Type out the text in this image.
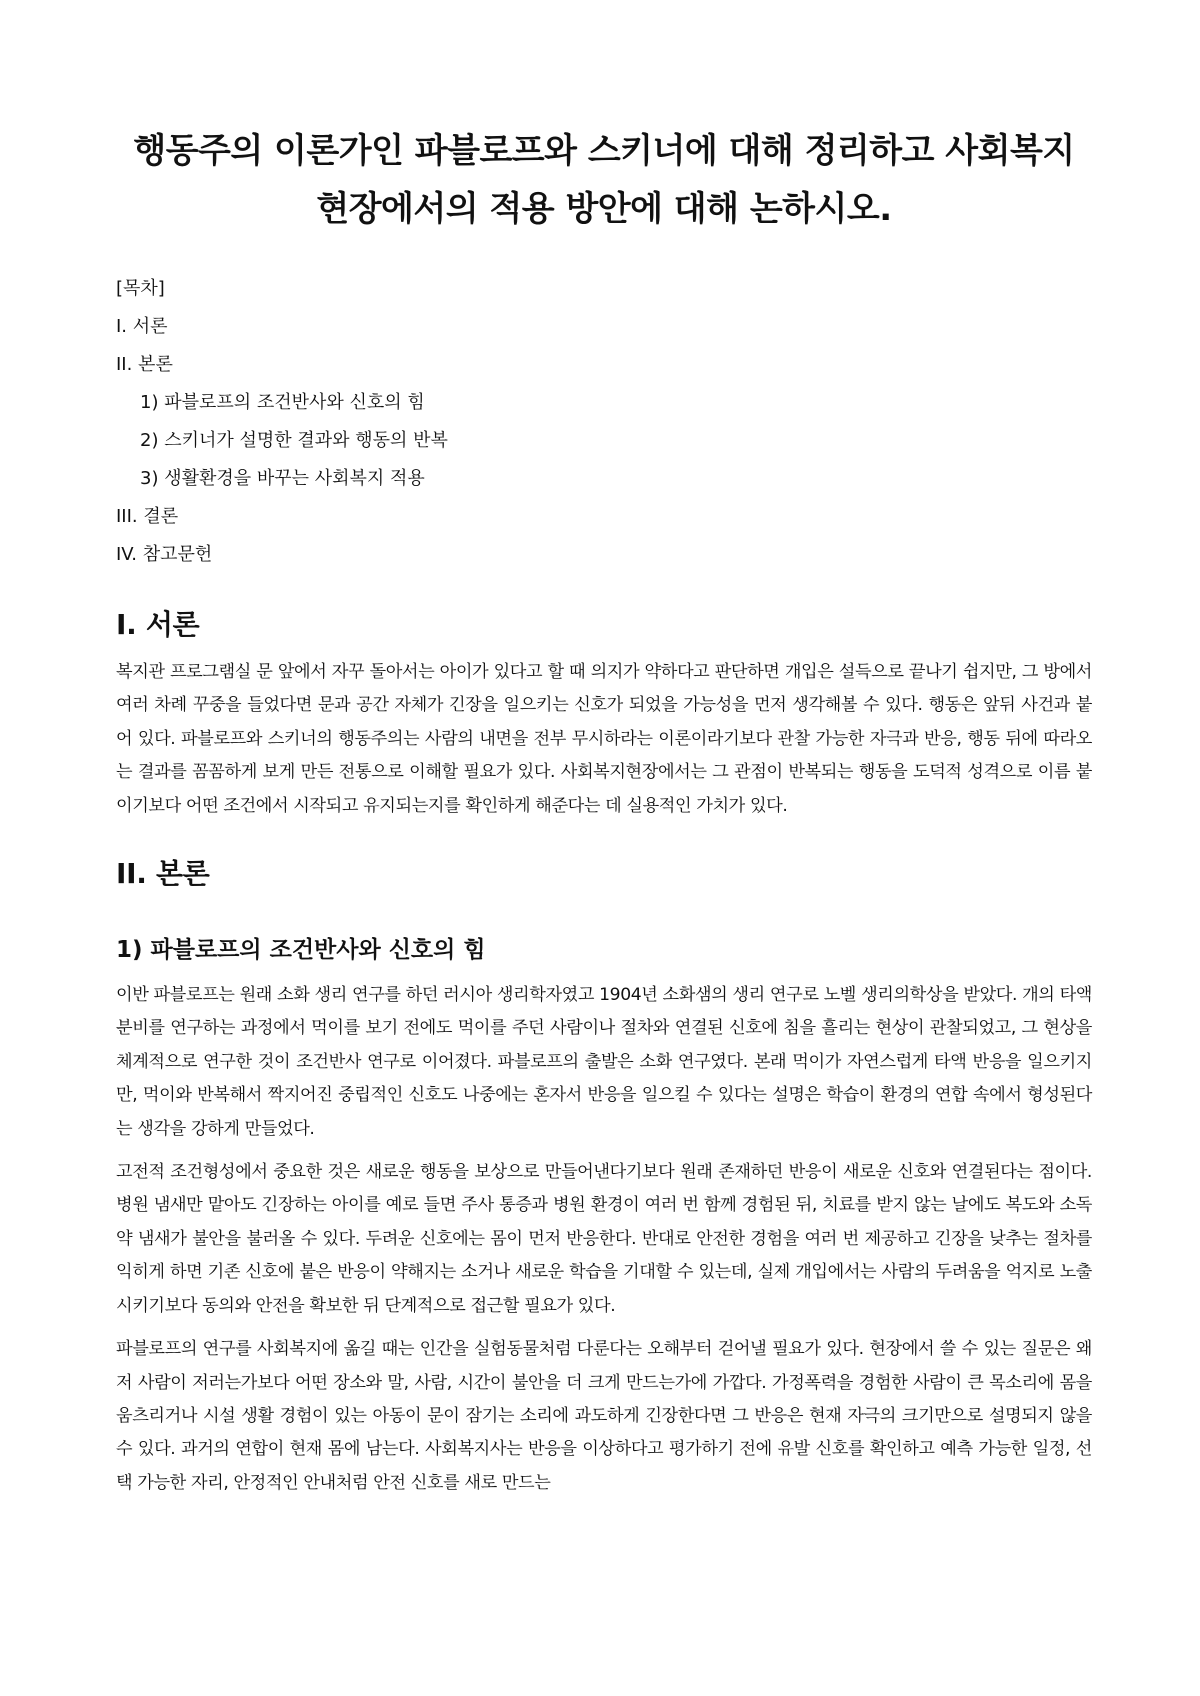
행동주의 이론가인 파블로프와 스키너에 대해 정리하고 사회복지 현장에서의 적용 방안에 대해 논하시오.
[목차]
I. 서론
II. 본론
1) 파블로프의 조건반사와 신호의 힘
2) 스키너가 설명한 결과와 행동의 반복
3) 생활환경을 바꾸는 사회복지 적용
III. 결론
IV. 참고문헌
I. 서론

복지관 프로그램실 문 앞에서 자꾸 돌아서는 아이가 있다고 할 때 의지가 약하다고 판단하면 개입은 설득으로 끝나기 쉽지만, 그 방에서 여러 차례 꾸중을 들었다면 문과 공간 자체가 긴장을 일으키는 신호가 되었을 가능성을 먼저 생각해볼 수 있다. 행동은 앞뒤 사건과 붙어 있다. 파블로프와 스키너의 행동주의는 사람의 내면을 전부 무시하라는 이론이라기보다 관찰 가능한 자극과 반응, 행동 뒤에 따라오는 결과를 꼼꼼하게 보게 만든 전통으로 이해할 필요가 있다. 사회복지현장에서는 그 관점이 반복되는 행동을 도덕적 성격으로 이름 붙이기보다 어떤 조건에서 시작되고 유지되는지를 확인하게 해준다는 데 실용적인 가치가 있다.

II. 본론
1) 파블로프의 조건반사와 신호의 힘

이반 파블로프는 원래 소화 생리 연구를 하던 러시아 생리학자였고 1904년 소화샘의 생리 연구로 노벨 생리의학상을 받았다. 개의 타액 분비를 연구하는 과정에서 먹이를 보기 전에도 먹이를 주던 사람이나 절차와 연결된 신호에 침을 흘리는 현상이 관찰되었고, 그 현상을 체계적으로 연구한 것이 조건반사 연구로 이어졌다. 파블로프의 출발은 소화 연구였다. 본래 먹이가 자연스럽게 타액 반응을 일으키지만, 먹이와 반복해서 짝지어진 중립적인 신호도 나중에는 혼자서 반응을 일으킬 수 있다는 설명은 학습이 환경의 연합 속에서 형성된다는 생각을 강하게 만들었다.

고전적 조건형성에서 중요한 것은 새로운 행동을 보상으로 만들어낸다기보다 원래 존재하던 반응이 새로운 신호와 연결된다는 점이다. 병원 냄새만 맡아도 긴장하는 아이를 예로 들면 주사 통증과 병원 환경이 여러 번 함께 경험된 뒤, 치료를 받지 않는 날에도 복도와 소독약 냄새가 불안을 불러올 수 있다. 두려운 신호에는 몸이 먼저 반응한다. 반대로 안전한 경험을 여러 번 제공하고 긴장을 낮추는 절차를 익히게 하면 기존 신호에 붙은 반응이 약해지는 소거나 새로운 학습을 기대할 수 있는데, 실제 개입에서는 사람의 두려움을 억지로 노출시키기보다 동의와 안전을 확보한 뒤 단계적으로 접근할 필요가 있다.

파블로프의 연구를 사회복지에 옮길 때는 인간을 실험동물처럼 다룬다는 오해부터 걷어낼 필요가 있다. 현장에서 쓸 수 있는 질문은 왜 저 사람이 저러는가보다 어떤 장소와 말, 사람, 시간이 불안을 더 크게 만드는가에 가깝다. 가정폭력을 경험한 사람이 큰 목소리에 몸을 움츠리거나 시설 생활 경험이 있는 아동이 문이 잠기는 소리에 과도하게 긴장한다면 그 반응은 현재 자극의 크기만으로 설명되지 않을 수 있다. 과거의 연합이 현재 몸에 남는다. 사회복지사는 반응을 이상하다고 평가하기 전에 유발 신호를 확인하고 예측 가능한 일정, 선택 가능한 자리, 안정적인 안내처럼 안전 신호를 새로 만드는
